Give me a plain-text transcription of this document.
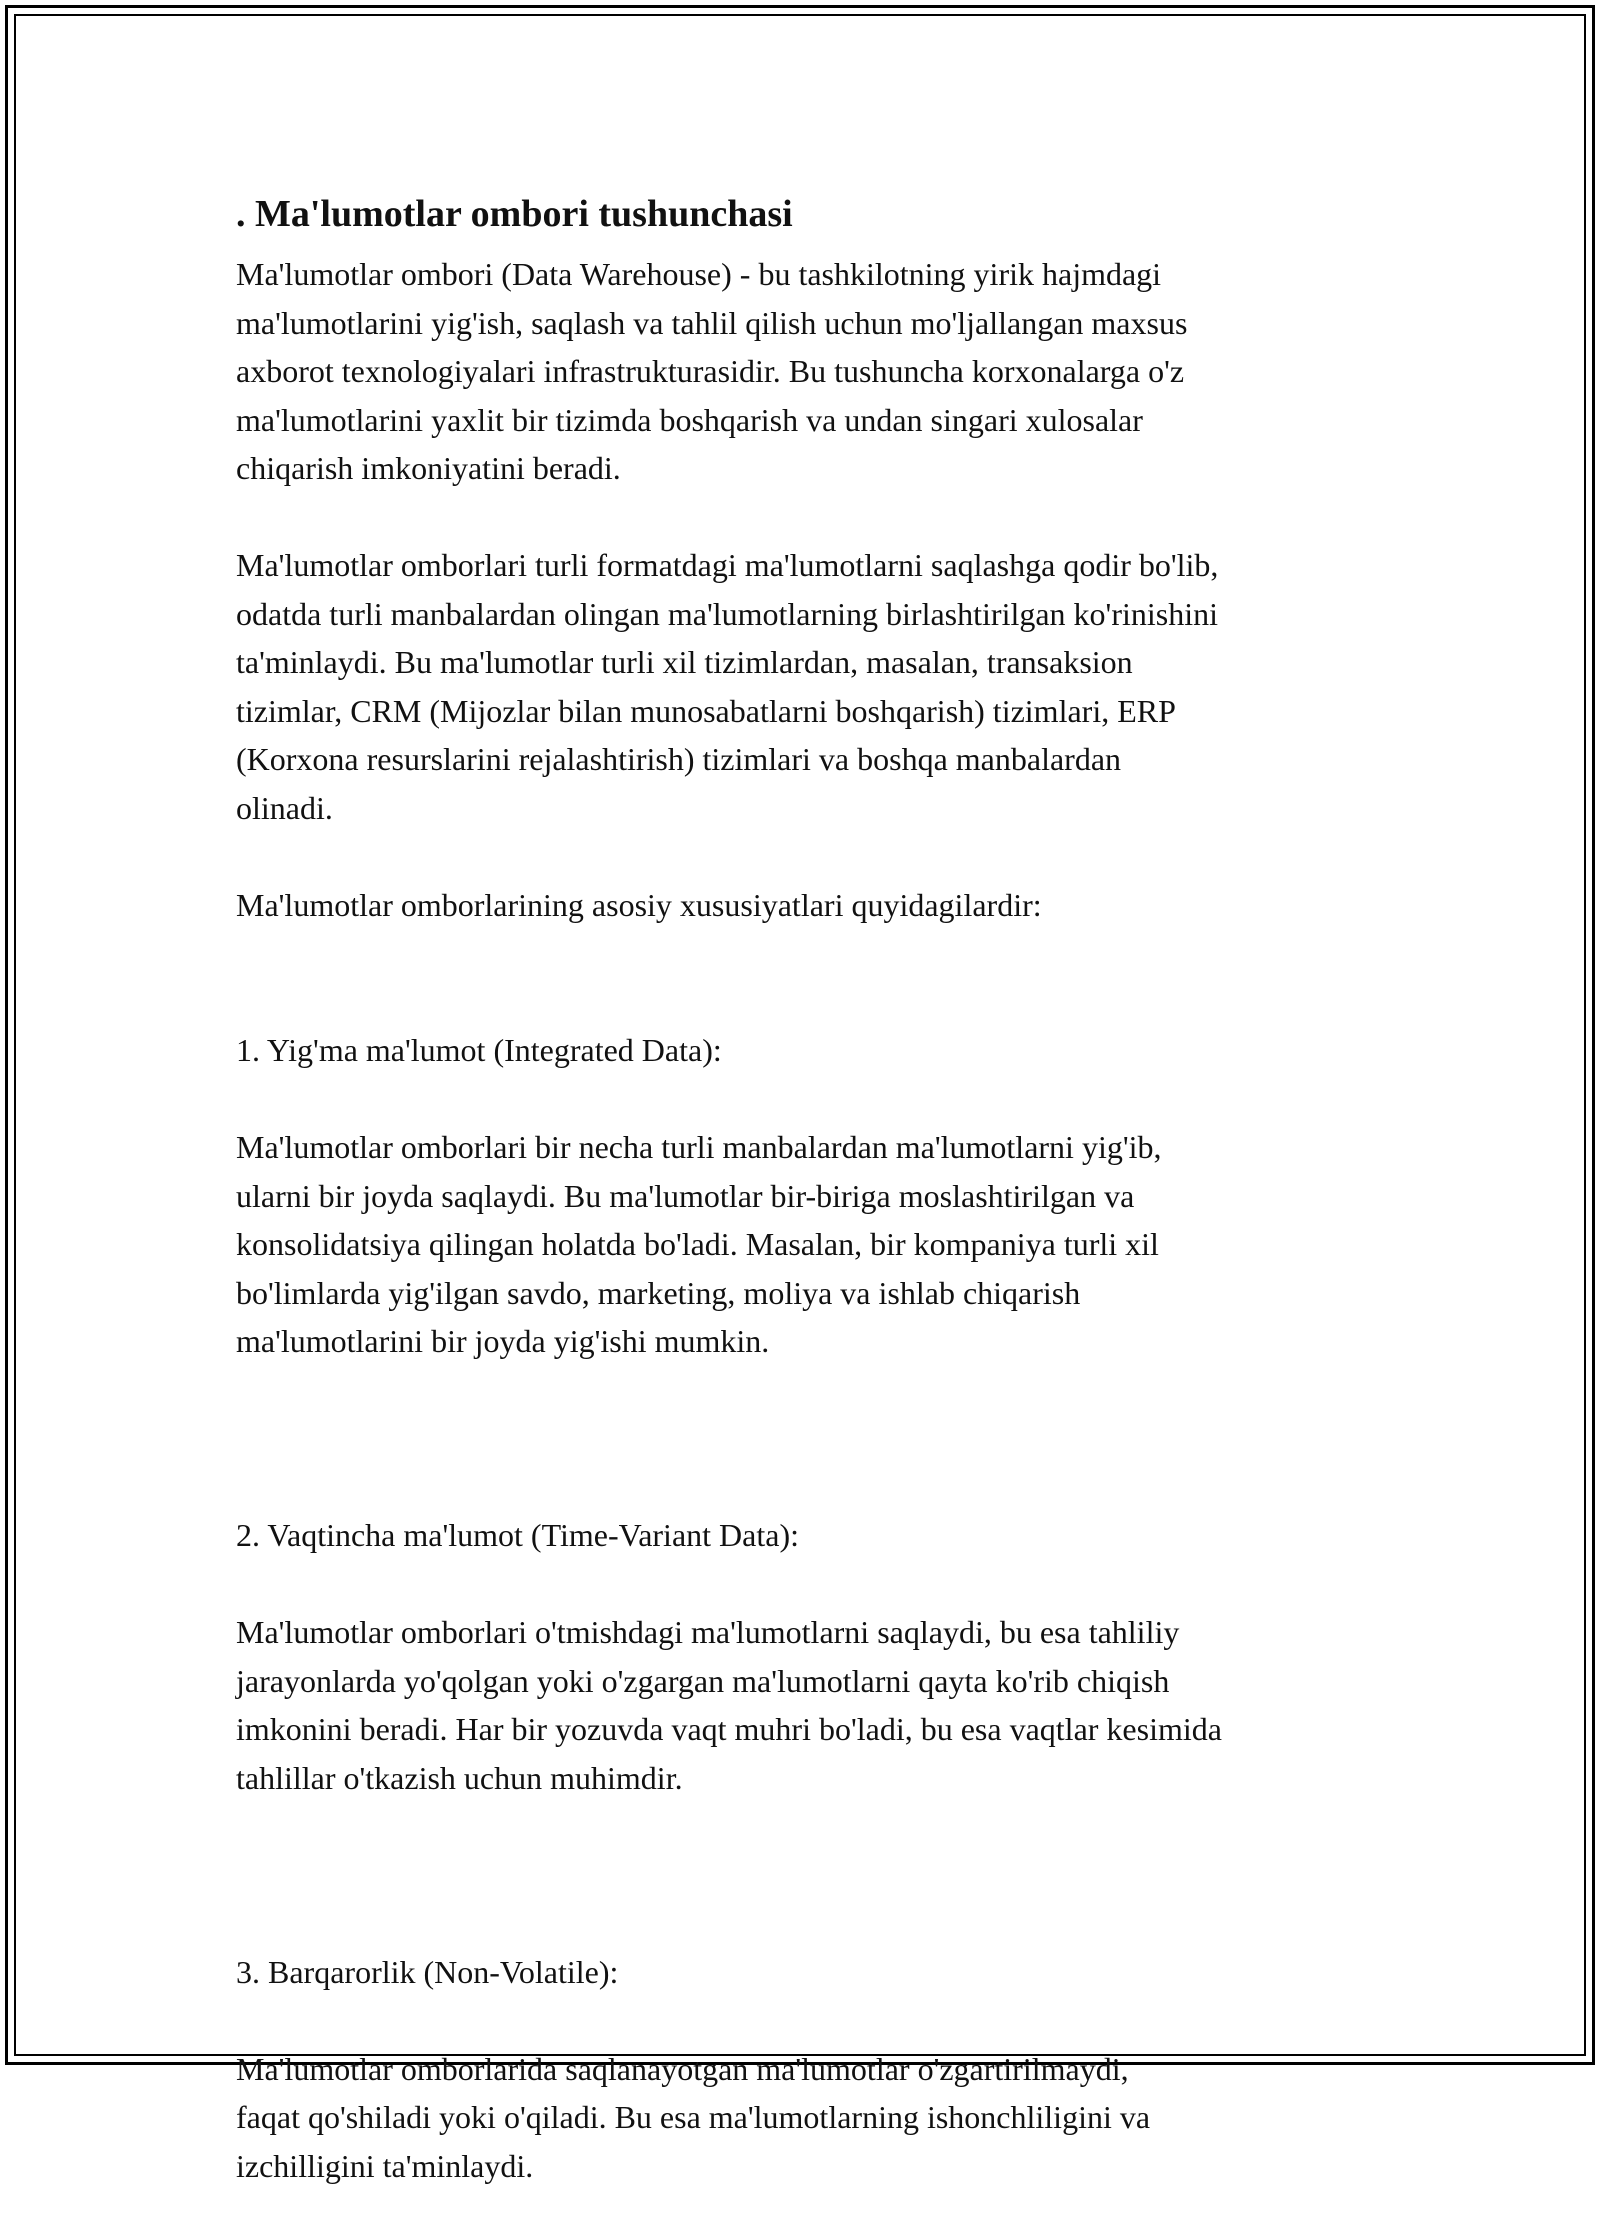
. Ma'lumotlar ombori tushunchasi

Ma'lumotlar ombori (Data Warehouse) - bu tashkilotning yirik hajmdagi
ma'lumotlarini yig'ish, saqlash va tahlil qilish uchun mo'ljallangan maxsus
axborot texnologiyalari infrastrukturasidir. Bu tushuncha korxonalarga o'z
ma'lumotlarini yaxlit bir tizimda boshqarish va undan singari xulosalar
chiqarish imkoniyatini beradi.

Ma'lumotlar omborlari turli formatdagi ma'lumotlarni saqlashga qodir bo'lib,
odatda turli manbalardan olingan ma'lumotlarning birlashtirilgan ko'rinishini
ta'minlaydi. Bu ma'lumotlar turli xil tizimlardan, masalan, transaksion
tizimlar, CRM (Mijozlar bilan munosabatlarni boshqarish) tizimlari, ERP
(Korxona resurslarini rejalashtirish) tizimlari va boshqa manbalardan
olinadi.

Ma'lumotlar omborlarining asosiy xususiyatlari quyidagilardir:

1. Yig'ma ma'lumot (Integrated Data):

Ma'lumotlar omborlari bir necha turli manbalardan ma'lumotlarni yig'ib,
ularni bir joyda saqlaydi. Bu ma'lumotlar bir-biriga moslashtirilgan va
konsolidatsiya qilingan holatda bo'ladi. Masalan, bir kompaniya turli xil
bo'limlarda yig'ilgan savdo, marketing, moliya va ishlab chiqarish
ma'lumotlarini bir joyda yig'ishi mumkin.

2. Vaqtincha ma'lumot (Time-Variant Data):

Ma'lumotlar omborlari o'tmishdagi ma'lumotlarni saqlaydi, bu esa tahliliy
jarayonlarda yo'qolgan yoki o'zgargan ma'lumotlarni qayta ko'rib chiqish
imkonini beradi. Har bir yozuvda vaqt muhri bo'ladi, bu esa vaqtlar kesimida
tahlillar o'tkazish uchun muhimdir.

3. Barqarorlik (Non-Volatile):

Ma'lumotlar omborlarida saqlanayotgan ma'lumotlar o'zgartirilmaydi,
faqat qo'shiladi yoki o'qiladi. Bu esa ma'lumotlarning ishonchliligini va
izchilligini ta'minlaydi.
